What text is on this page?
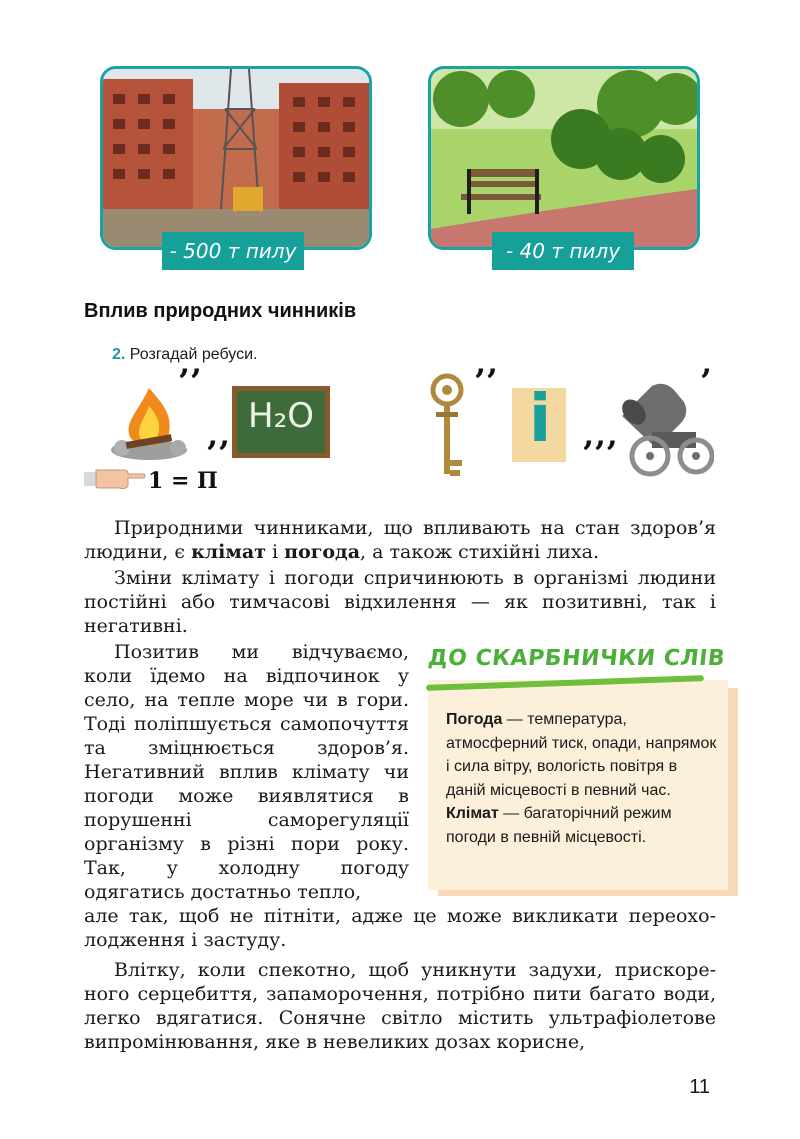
- 500 т пилу	- 40 т пилу
Вплив природних чинників
2. Розгадай ребуси.
’’
H₂O
’’
1 = П
’’ і ’’’
’

Природними чинниками, що впливають на стан здоров’я людини, є клімат і погода, а також стихійні лиха.

Зміни клімату і погоди спричинюють в організмі людини постійні або тимчасові відхилення — як позитивні, так і негативні.

Позитив ми відчуваємо, коли їдемо на відпочинок у село, на тепле море чи в гори. Тоді поліпшується самопочуття та зміцнюється здоров’я. Негативний вплив клімату чи погоди може виявлятися в порушенні саморегуляції організму в різні пори року. Так, у холодну погоду одягатись достатньо тепло,

але так, щоб не пітніти, адже це може викликати переохолодження і застуду.

Влітку, коли спекотно, щоб уникнути задухи, прискореного серцебиття, запаморочення, потрібно пити багато води, легко вдягатися. Сонячне світло містить ультрафіолетове випромінювання, яке в невеликих дозах корисне,

ДО СКАРБНИЧКИ СЛІВ
Погода — температура, атмосферний тиск, опади, напрямок і сила вітру, вологість повітря в даній місцевості в певний час.
Клімат — багаторічний режим погоди в певній місцевості.
11
